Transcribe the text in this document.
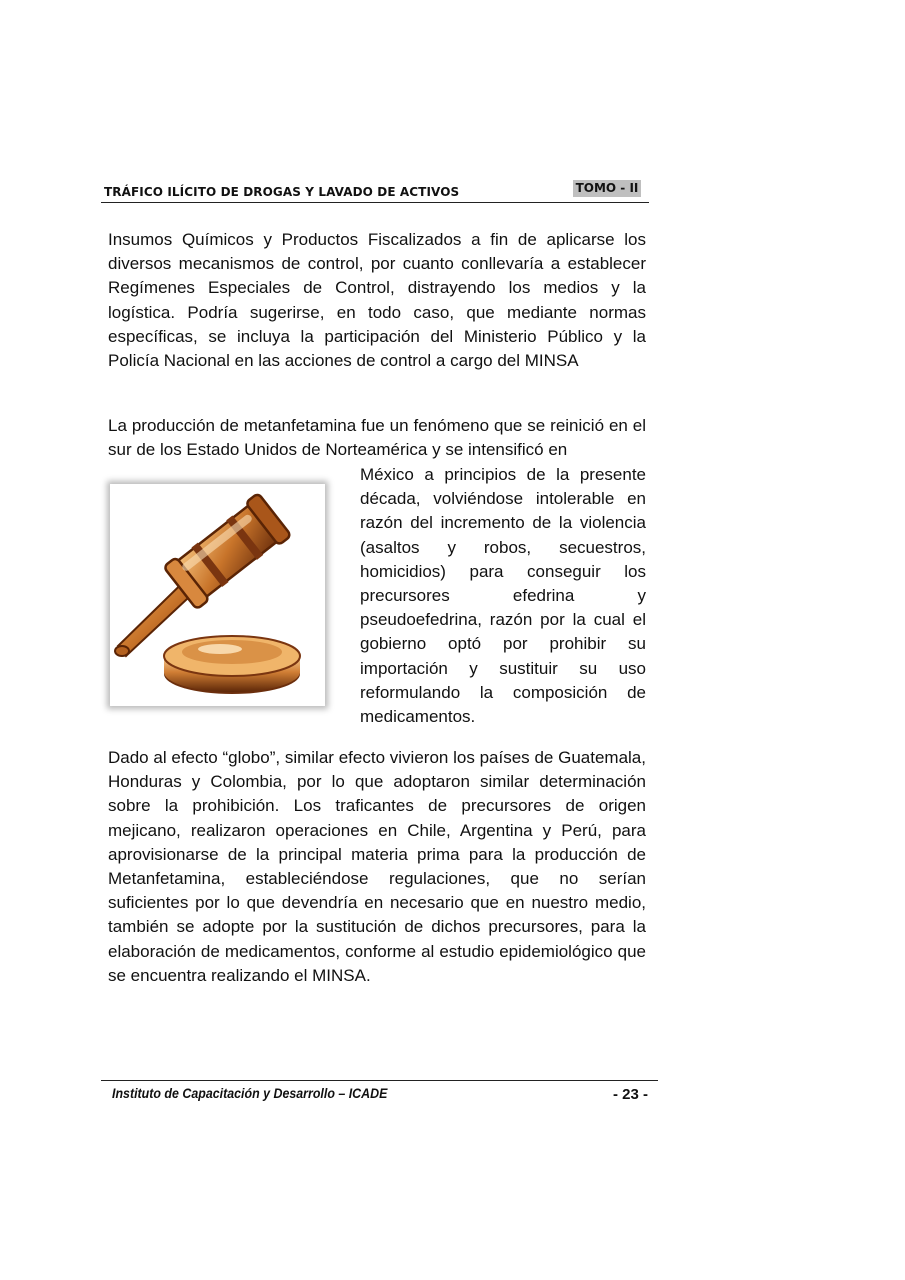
TRÁFICO ILÍCITO DE DROGAS Y LAVADO DE ACTIVOS	TOMO - II

Insumos Químicos y Productos Fiscalizados a fin de aplicarse los diversos mecanismos de control, por cuanto conllevaría a establecer Regímenes Especiales de Control, distrayendo los medios y la logística. Podría sugerirse, en todo caso, que mediante normas específicas, se incluya la participación del Ministerio Público y la Policía Nacional en las acciones de control a cargo del MINSA

La producción de metanfetamina fue un fenómeno que se reinició en el sur de los Estado Unidos de Norteamérica y se intensificó en

México a principios de la presente década, volviéndose intolerable en razón del incremento de la violencia (asaltos y robos, secuestros, homicidios) para conseguir los precursores efedrina y pseudoefedrina, razón por la cual el gobierno optó por prohibir su importación y sustituir su uso reformulando la composición de medicamentos.

Dado al efecto “globo”, similar efecto vivieron los países de Guatemala, Honduras y Colombia, por lo que adoptaron similar determinación sobre la prohibición. Los traficantes de precursores de origen mejicano, realizaron operaciones en Chile, Argentina y Perú, para aprovisionarse de la principal materia prima para la producción de Metanfetamina, estableciéndose regulaciones, que no serían suficientes por lo que devendría en necesario que en nuestro medio, también se adopte por la sustitución de dichos precursores, para la elaboración de medicamentos, conforme al estudio epidemiológico que se encuentra realizando el MINSA.

Instituto de Capacitación y Desarrollo – ICADE	- 23 -
